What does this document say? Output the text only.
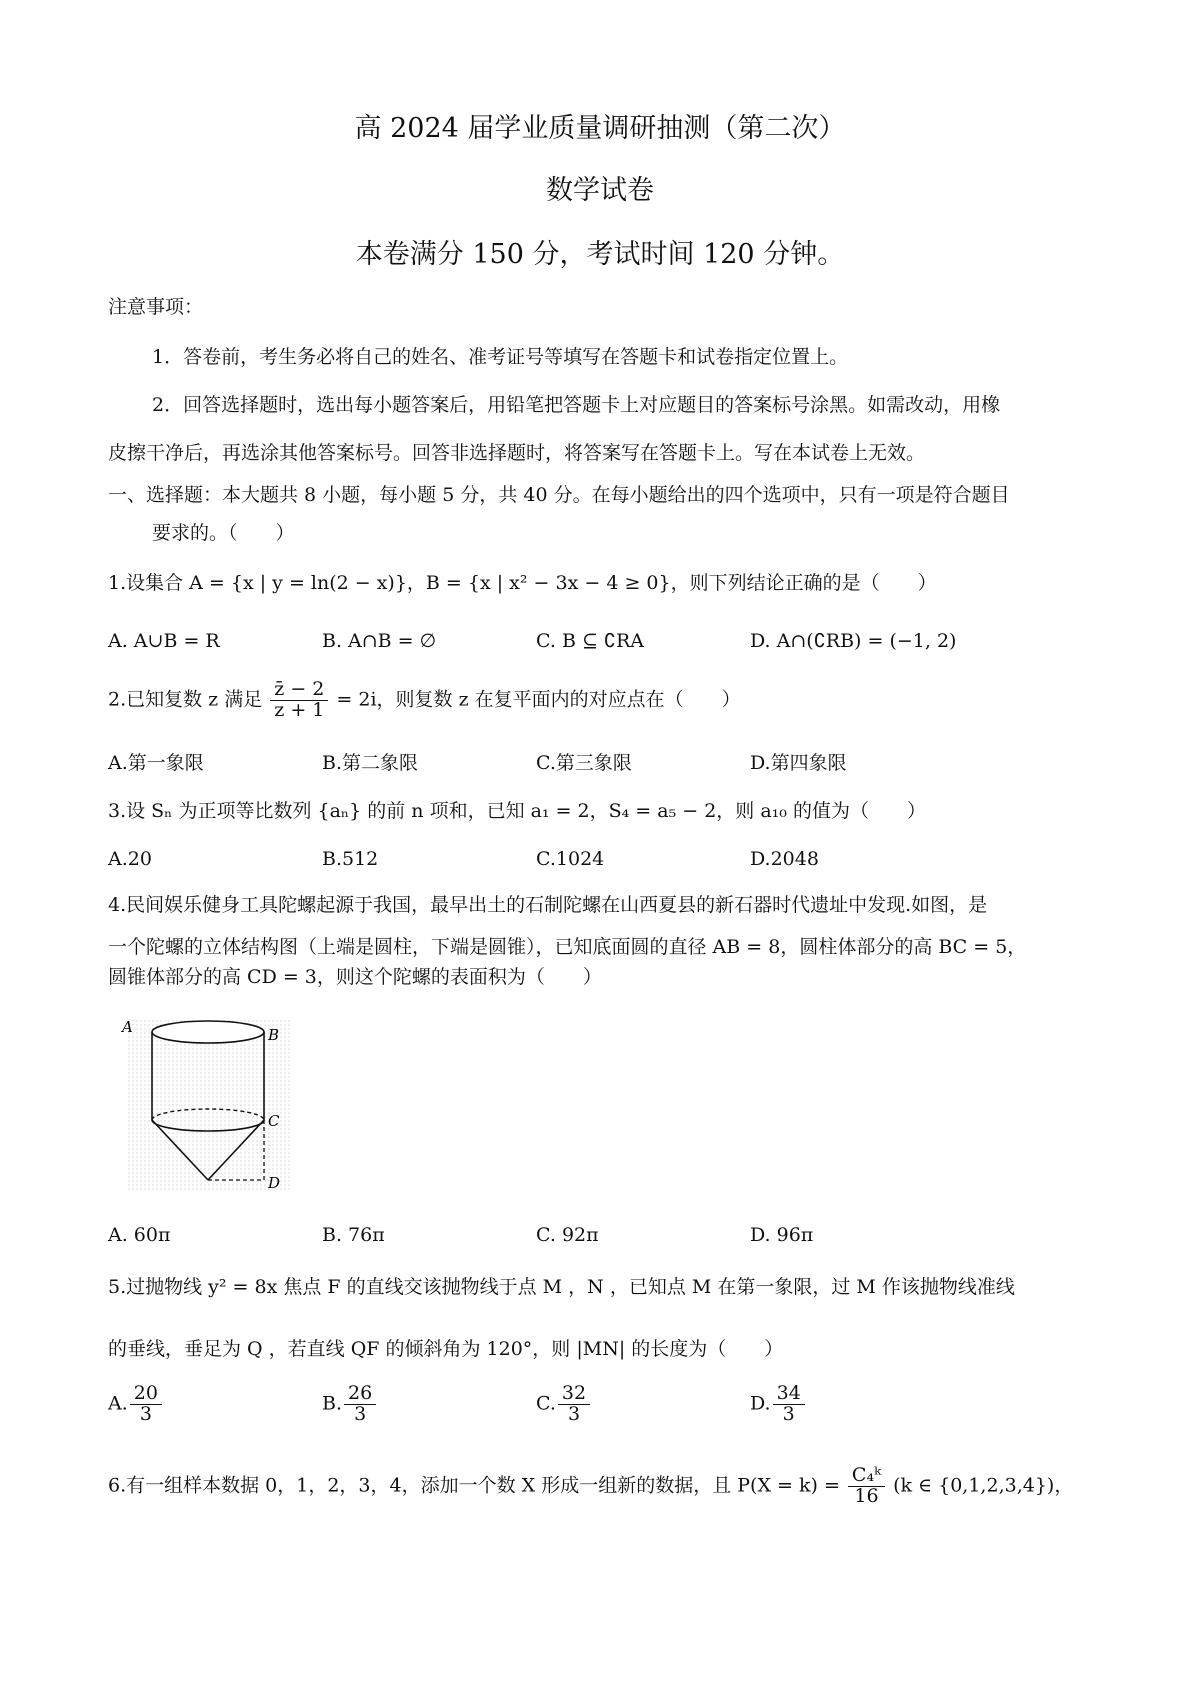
高 2024 届学业质量调研抽测（第二次）
数学试卷
本卷满分 150 分，考试时间 120 分钟。
注意事项：
1．答卷前，考生务必将自己的姓名、准考证号等填写在答题卡和试卷指定位置上。
2．回答选择题时，选出每小题答案后，用铅笔把答题卡上对应题目的答案标号涂黑。如需改动，用橡
皮擦干净后，再选涂其他答案标号。回答非选择题时，将答案写在答题卡上。写在本试卷上无效。
一、选择题：本大题共 8 小题，每小题 5 分，共 40 分。在每小题给出的四个选项中，只有一项是符合题目
要求的。（　　）
1.设集合 A = {x | y = ln(2 − x)}，B = {x | x² − 3x − 4 ≥ 0}，则下列结论正确的是（　　）
A. A∪B = R	B. A∩B = ∅	C. B ⊆ ∁RA	D. A∩(∁RB) = (−1, 2)
2.已知复数 z 满足 $\frac{z̄ - 2}{z + 1} = 2i$，则复数 z 在复平面内的对应点在（　　）
A.第一象限	B.第二象限	C.第三象限	D.第四象限
3.设 Sₙ 为正项等比数列 {aₙ} 的前 n 项和，已知 a₁ = 2，S₄ = a₅ − 2，则 a₁₀ 的值为（　　）
A.20	B.512	C.1024	D.2048
4.民间娱乐健身工具陀螺起源于我国，最早出土的石制陀螺在山西夏县的新石器时代遗址中发现.如图，是
一个陀螺的立体结构图（上端是圆柱，下端是圆锥），已知底面圆的直径 AB = 8，圆柱体部分的高 BC = 5，
圆锥体部分的高 CD = 3，则这个陀螺的表面积为（　　）
A	B
C
D
A. 60π	B. 76π	C. 92π	D. 96π
5.过抛物线 y² = 8x 焦点 F 的直线交该抛物线于点 M ，N ，已知点 M 在第一象限，过 M 作该抛物线准线
的垂线，垂足为 Q ，若直线 QF 的倾斜角为 120°，则 |MN| 的长度为（　　）
A. $\frac{20}{3}$	B. $\frac{26}{3}$	C. $\frac{32}{3}$	D. $\frac{34}{3}$
6.有一组样本数据 0，1，2，3，4，添加一个数 X 形成一组新的数据，且 $P(X = k) = \frac{\text{C₄ᵏ}}{16} (k$ ∈ {0,1,2,3,4})，
